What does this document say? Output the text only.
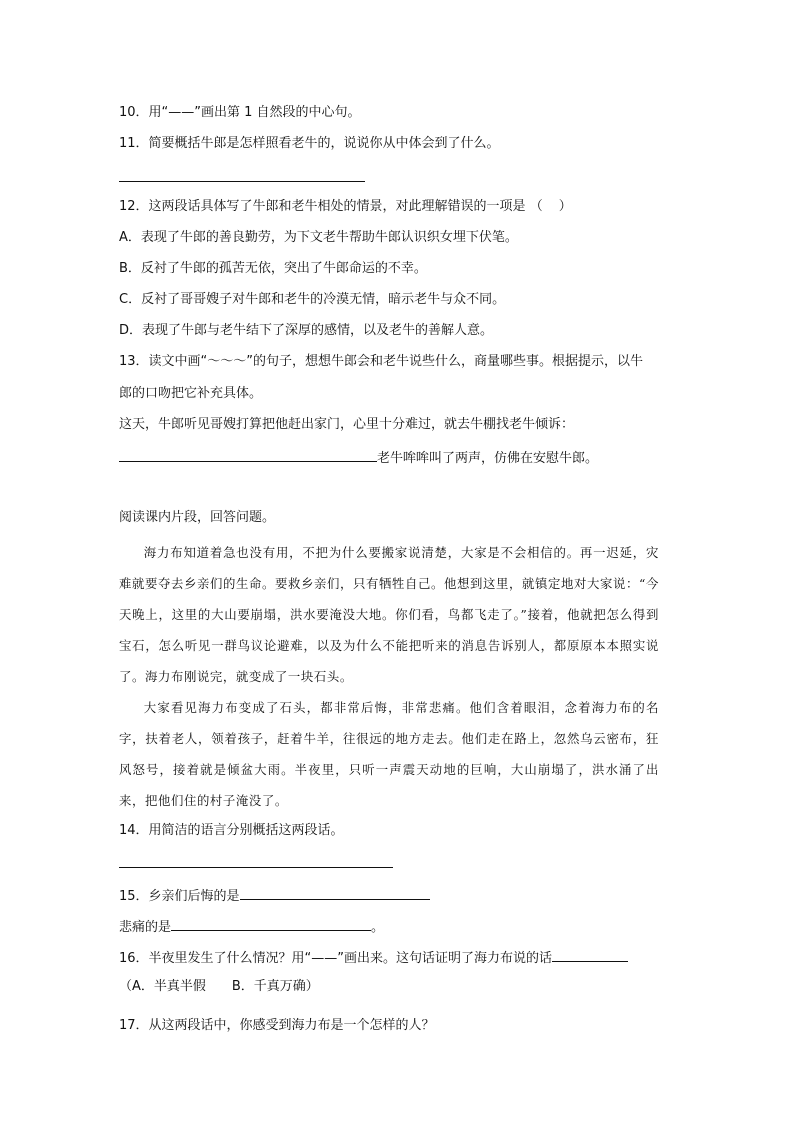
10．用“——”画出第 1 自然段的中心句。
11．简要概括牛郎是怎样照看老牛的，说说你从中体会到了什么。
12．这两段话具体写了牛郎和老牛相处的情景，对此理解错误的一项是 （ ）
A．表现了牛郎的善良勤劳，为下文老牛帮助牛郎认识织女埋下伏笔。
B．反衬了牛郎的孤苦无依，突出了牛郎命运的不幸。
C．反衬了哥哥嫂子对牛郎和老牛的冷漠无情，暗示老牛与众不同。
D．表现了牛郎与老牛结下了深厚的感情，以及老牛的善解人意。
13．读文中画“～～～”的句子，想想牛郎会和老牛说些什么，商量哪些事。根据提示，以牛
郎的口吻把它补充具体。
这天，牛郎听见哥嫂打算把他赶出家门，心里十分难过，就去牛棚找老牛倾诉：
老牛哞哞叫了两声，仿佛在安慰牛郎。
阅读课内片段，回答问题。

海力布知道着急也没有用，不把为什么要搬家说清楚，大家是不会相信的。再一迟延，灾难就要夺去乡亲们的生命。要救乡亲们，只有牺牲自己。他想到这里，就镇定地对大家说：“今天晚上，这里的大山要崩塌，洪水要淹没大地。你们看，鸟都飞走了。”接着，他就把怎么得到宝石，怎么听见一群鸟议论避难，以及为什么不能把听来的消息告诉别人，都原原本本照实说了。海力布刚说完，就变成了一块石头。

大家看见海力布变成了石头，都非常后悔，非常悲痛。他们含着眼泪，念着海力布的名字，扶着老人，领着孩子，赶着牛羊，往很远的地方走去。他们走在路上，忽然乌云密布，狂风怒号，接着就是倾盆大雨。半夜里，只听一声震天动地的巨响，大山崩塌了，洪水涌了出来，把他们住的村子淹没了。

14．用简洁的语言分别概括这两段话。
15．乡亲们后悔的是
悲痛的是	。
16．半夜里发生了什么情况？用“——”画出来。这句话证明了海力布说的话
（A．半真半假　　B．千真万确）
17．从这两段话中，你感受到海力布是一个怎样的人？
